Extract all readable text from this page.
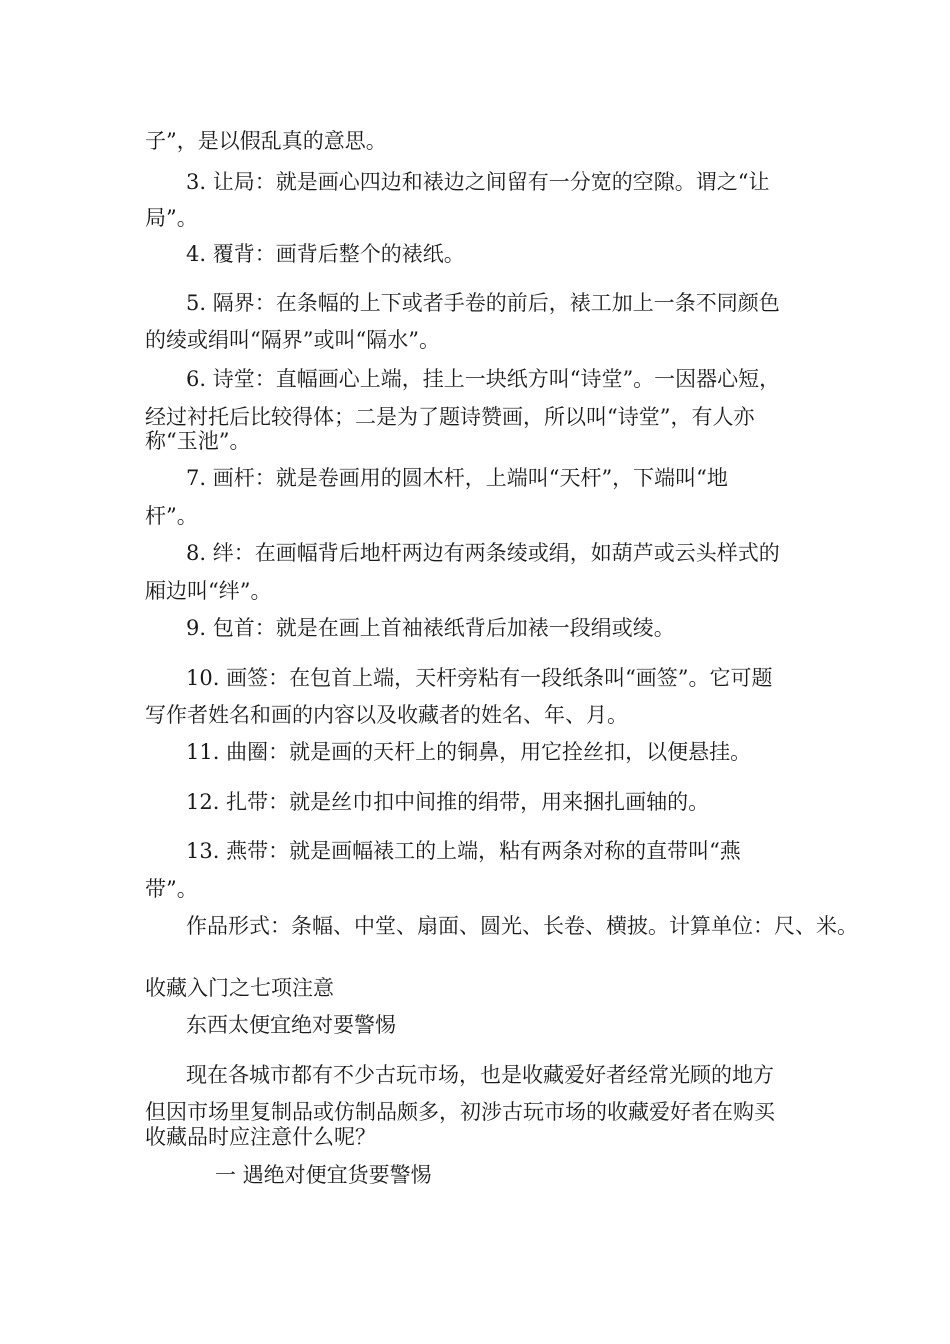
子”，是以假乱真的意思。

3. 让局：就是画心四边和裱边之间留有一分宽的空隙。谓之“让

局”。

4. 覆背：画背后整个的裱纸。

5. 隔界：在条幅的上下或者手卷的前后，裱工加上一条不同颜色

的绫或绢叫“隔界”或叫“隔水”。

6. 诗堂：直幅画心上端，挂上一块纸方叫“诗堂”。一因器心短，

经过衬托后比较得体；二是为了题诗赞画，所以叫“诗堂”，有人亦

称“玉池”。

7. 画杆：就是卷画用的圆木杆，上端叫“天杆”，下端叫“地

杆”。

8. 绊：在画幅背后地杆两边有两条绫或绢，如葫芦或云头样式的

厢边叫“绊”。

9. 包首：就是在画上首袖裱纸背后加裱一段绢或绫。

10. 画签：在包首上端，天杆旁粘有一段纸条叫“画签”。它可题

写作者姓名和画的内容以及收藏者的姓名、年、月。

11. 曲圈：就是画的天杆上的铜鼻，用它拴丝扣，以便悬挂。

12. 扎带：就是丝巾扣中间推的绢带，用来捆扎画轴的。

13. 燕带：就是画幅裱工的上端，粘有两条对称的直带叫“燕

带”。

作品形式：条幅、中堂、扇面、圆光、长卷、横披。计算单位：尺、米。

收藏入门之七项注意

东西太便宜绝对要警惕

现在各城市都有不少古玩市场，也是收藏爱好者经常光顾的地方

但因市场里复制品或仿制品颇多，初涉古玩市场的收藏爱好者在购买

收藏品时应注意什么呢？

一 遇绝对便宜货要警惕
